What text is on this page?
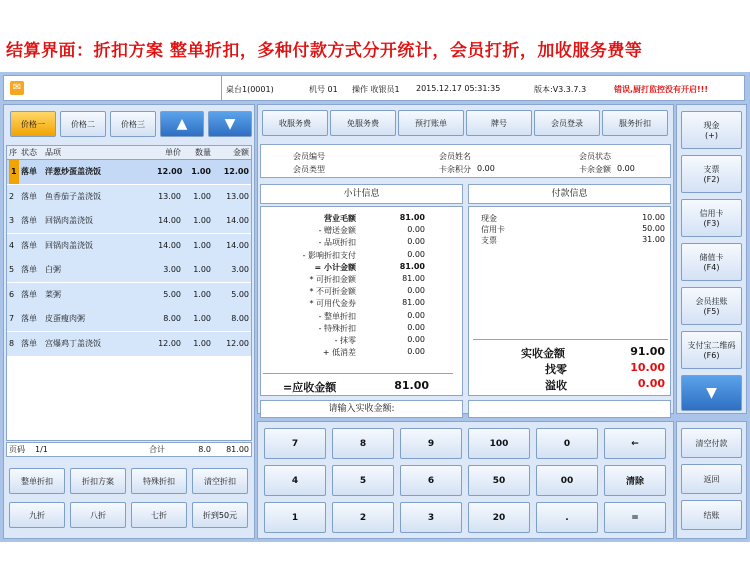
结算界面：折扣方案 整单折扣，多种付款方式分开统计，会员打折，加收服务费等
✉	桌台1(0001)	机号 01 操作 收银员1 2015.12.17 05:31:35	版本:V3.3.7.3	错误,厨打监控没有开启!!!
价格一	价格二	价格三	▲	▼
序 状态 品项	单价	数量	金额
1 落单 洋葱炒蛋盖浇饭	12.00	1.00	12.00
2 落单 鱼香茄子盖浇饭	13.00	1.00	13.00
3 落单 回锅肉盖浇饭	14.00	1.00	14.00
4 落单 回锅肉盖浇饭	14.00	1.00	14.00
5 落单 白粥	3.00	1.00	3.00
6 落单 菜粥	5.00	1.00	5.00
7 落单 皮蛋瘦肉粥	8.00	1.00	8.00
8 落单 宫爆鸡丁盖浇饭	12.00	1.00	12.00
页码 1/1	合计	8.0	81.00
整单折扣	折扣方案	特殊折扣	清空折扣
九折	八折	七折	折到50元
收服务费	免服务费	预打账单	牌号	会员登录	服务折扣
会员编号	会员姓名	会员状态
会员类型	卡余积分 0.00	卡余金额 0.00
小计信息	付款信息
营业毛额	81.00
- 赠送金额	0.00
- 品项折扣	0.00
- 影响折扣支付	0.00
= 小计金额	81.00
* 可折扣金额	81.00
* 不可折金额	0.00
* 可用代金券	81.00
- 整单折扣	0.00
- 特殊折扣	0.00
- 抹零	0.00
+ 低消差	0.00
=应收金额	81.00
现金	10.00
信用卡	50.00
支票	31.00
实收金额	91.00
找零	10.00
溢收	0.00
请输入实收金额:
7	8	9	100	0	←
4	5	6	50	00	清除
1	2	3	20	.	=
现金
(+)
支票
(F2)
信用卡
(F3)
储值卡
(F4)
会员挂账
(F5)
支付宝二维码
(F6)
▼
清空付款
返回
结账
